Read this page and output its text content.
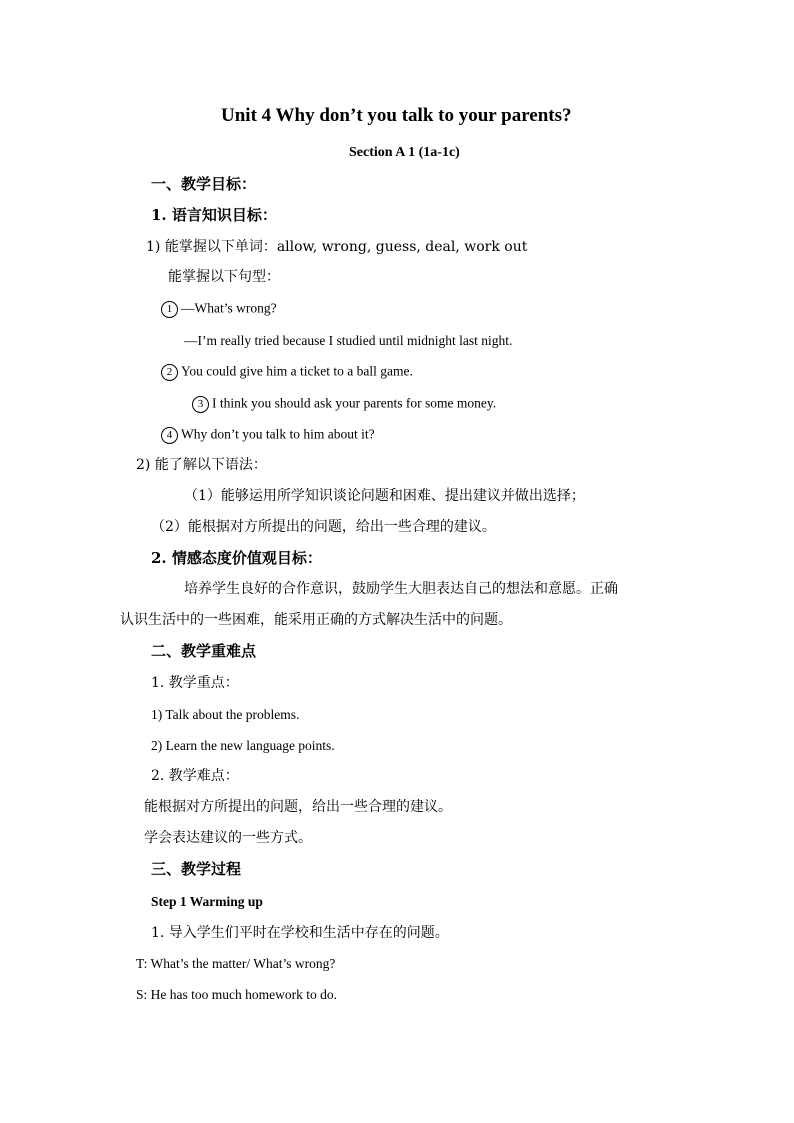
Unit 4 Why don’t you talk to your parents?
Section A 1 (1a-1c)
一、教学目标：
1. 语言知识目标：
1) 能掌握以下单词：allow, wrong, guess, deal, work out
能掌握以下句型：
1 —What’s wrong?
—I’m really tried because I studied until midnight last night.
2 You could give him a ticket to a ball game.
3 I think you should ask your parents for some money.
4 Why don’t you talk to him about it?
2) 能了解以下语法：
（1）能够运用所学知识谈论问题和困难、提出建议并做出选择；
（2）能根据对方所提出的问题，给出一些合理的建议。
2. 情感态度价值观目标：
培养学生良好的合作意识，鼓励学生大胆表达自己的想法和意愿。正确
认识生活中的一些困难，能采用正确的方式解决生活中的问题。
二、教学重难点
1. 教学重点：
1) Talk about the problems.
2) Learn the new language points.
2. 教学难点：
能根据对方所提出的问题，给出一些合理的建议。
学会表达建议的一些方式。
三、教学过程
Step 1 Warming up
1. 导入学生们平时在学校和生活中存在的问题。
T: What’s the matter/ What’s wrong?
S: He has too much homework to do.
